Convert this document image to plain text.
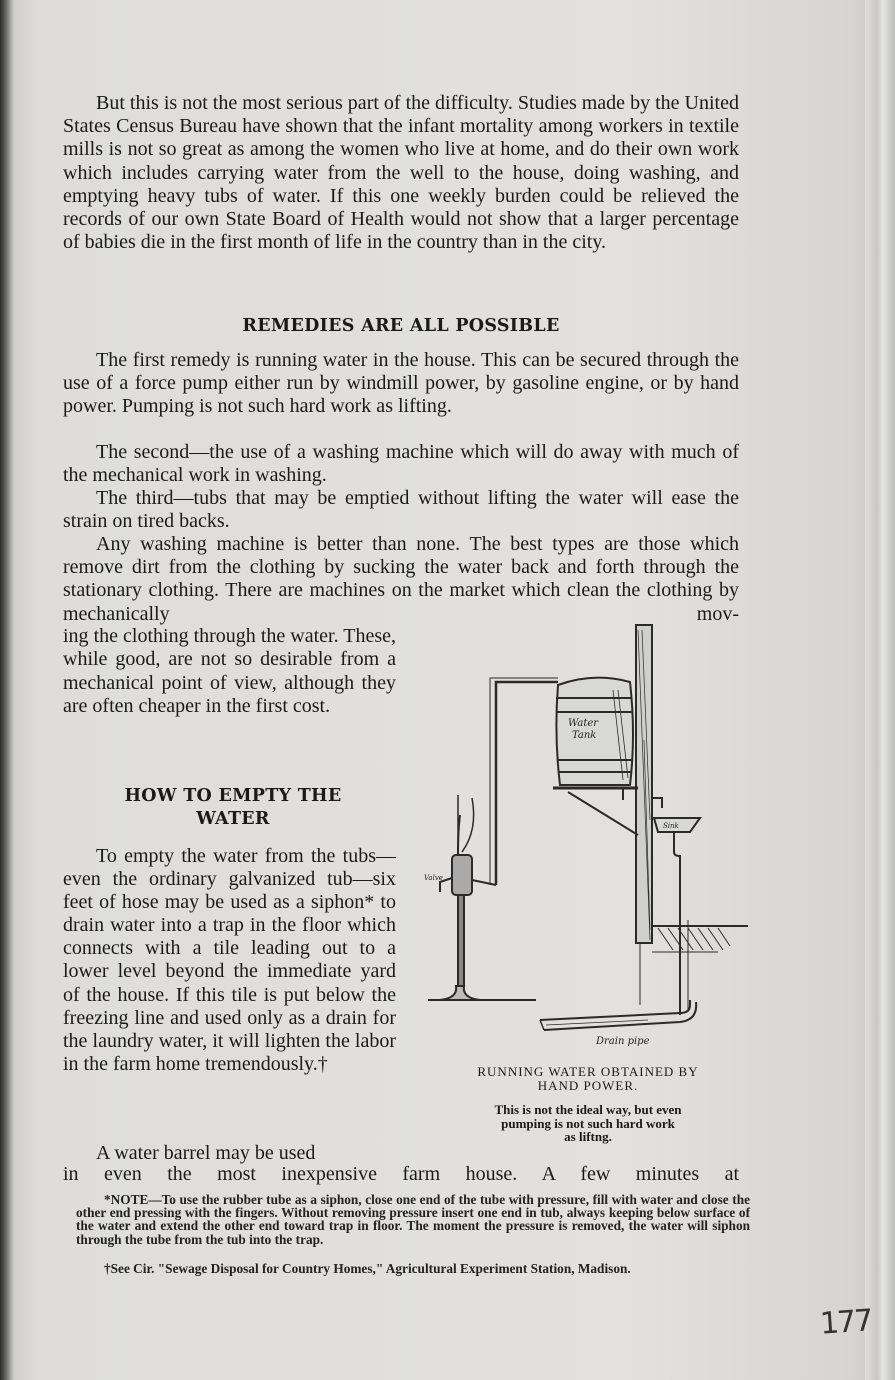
But this is not the most serious part of the difficulty. Studies made by the United States Census Bureau have shown that the infant mortality among workers in textile mills is not so great as among the women who live at home, and do their own work which includes carrying water from the well to the house, doing washing, and emptying heavy tubs of water. If this one weekly burden could be relieved the records of our own State Board of Health would not show that a larger percentage of babies die in the first month of life in the country than in the city.

REMEDIES ARE ALL POSSIBLE

The first remedy is running water in the house. This can be secured through the use of a force pump either run by windmill power, by gasoline engine, or by hand power. Pumping is not such hard work as lifting.

The second—the use of a washing machine which will do away with much of the mechanical work in washing.

The third—tubs that may be emptied without lifting the water will ease the strain on tired backs.

Any washing machine is better than none. The best types are those which remove dirt from the clothing by sucking the water back and forth through the stationary clothing. There are machines on the market which clean the clothing by mechanically mov-

ing the clothing through the water. These, while good, are not so desirable from a mechanical point of view, although they are often cheaper in the first cost.

HOW TO EMPTY THE
WATER

To empty the water from the tubs—even the ordinary galvanized tub—six feet of hose may be used as a siphon* to drain water into a trap in the floor which connects with a tile leading out to a lower level beyond the immediate yard of the house. If this tile is put below the freezing line and used only as a drain for the laundry water, it will lighten the labor in the farm home tremendously.†

A water barrel may be used

in even the most inexpensive farm house. A few minutes at

Water
Tank
Sink
Valve
Drain pipe
RUNNING WATER OBTAINED BY
HAND POWER.
This is not the ideal way, but even
pumping is not such hard work
as liftng.

*NOTE—To use the rubber tube as a siphon, close one end of the tube with pressure, fill with water and close the other end pressing with the fingers. Without removing pressure insert one end in tub, always keeping below surface of the water and extend the other end toward trap in floor. The moment the pressure is removed, the water will siphon through the tube from the tub into the trap.

†See Cir. "Sewage Disposal for Country Homes," Agricultural Experiment Station, Madison.

177
